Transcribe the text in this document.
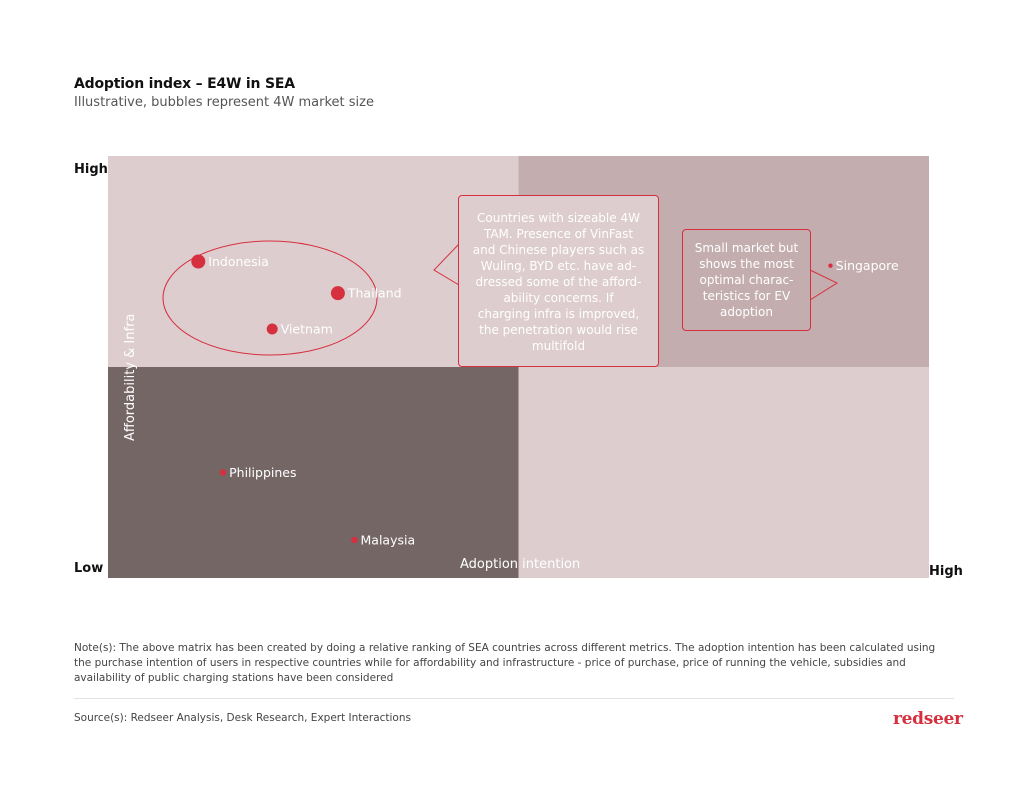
Adoption index – E4W in SEA
Illustrative, bubbles represent 4W market size
High
Low	High
Adoption intention
Affordability & Infra
Indonesia
Thailand
Vietnam
Philippines
Malaysia
Singapore
Countries with sizeable 4W
TAM. Presence of VinFast
and Chinese players such as
Wuling, BYD etc. have ad-
dressed some of the afford-
ability concerns. If
charging infra is improved,
the penetration would rise
multifold
Small market but
shows the most
optimal charac-
teristics for EV
adoption
Note(s): The above matrix has been created by doing a relative ranking of SEA countries across different metrics. The adoption intention has been calculated using the purchase intention of users in respective countries while for affordability and infrastructure - price of purchase, price of running the vehicle, subsidies and availability of public charging stations have been considered
Source(s): Redseer Analysis, Desk Research, Expert Interactions	redseer
